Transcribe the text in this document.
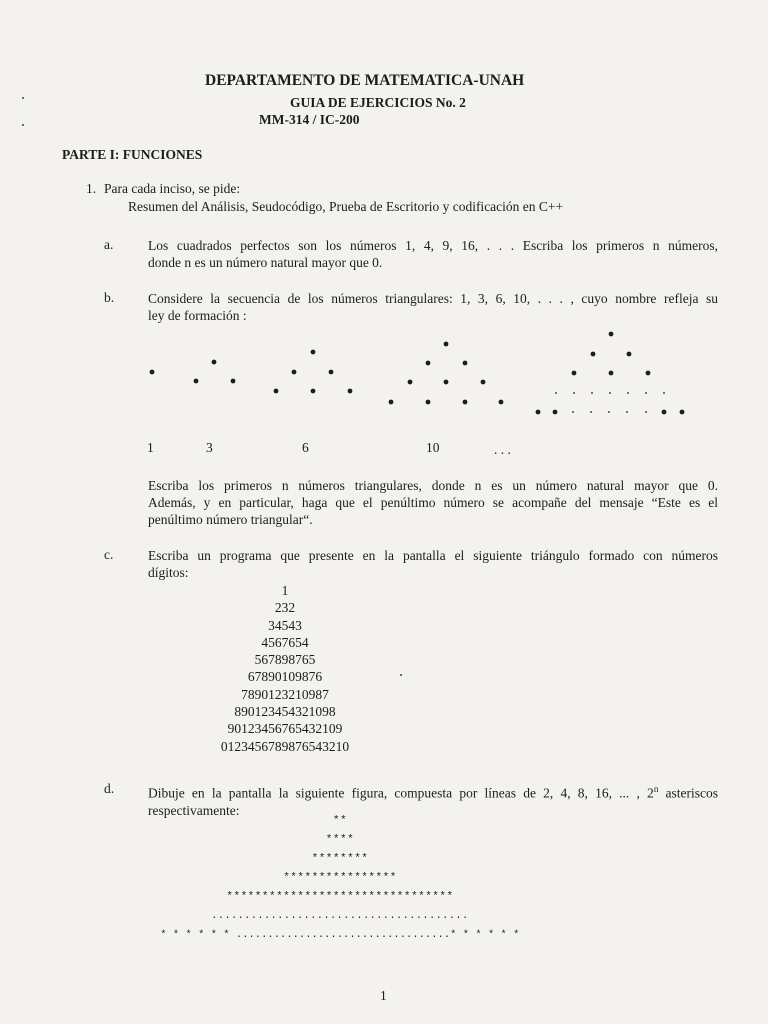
DEPARTAMENTO DE MATEMATICA-UNAH
GUIA DE EJERCICIOS No. 2
MM-314 / IC-200
PARTE I: FUNCIONES
1. Para cada inciso, se pide:
Resumen del Análisis, Seudocódigo, Prueba de Escritorio y codificación en C++
a.	Los cuadrados perfectos son los números 1, 4, 9, 16, . . . Escriba los primeros n números,
donde n es un número natural mayor que 0.
b.	Considere la secuencia de los números triangulares: 1, 3, 6, 10, . . . , cuyo nombre refleja su
ley de formación :
1	3	6	10	. . .
Escriba los primeros n números triangulares, donde n es un número natural mayor que 0.
Además, y en particular, haga que el penúltimo número se acompañe del mensaje “Este es el
penúltimo número triangular“.
c.	Escriba un programa que presente en la pantalla el siguiente triángulo formado con números
dígitos:
1
232
34543
4567654
567898765
67890109876
7890123210987
890123454321098
90123456765432109
0123456789876543210
d.	Dibuje en la pantalla la siguiente figura, compuesta por líneas de 2, 4, 8, 16, ... , 2$^n$ asteriscos
respectivamente:
**
****
********
****************
********************************
.......................................
* * * * * * ..................................* * * * * *
1
